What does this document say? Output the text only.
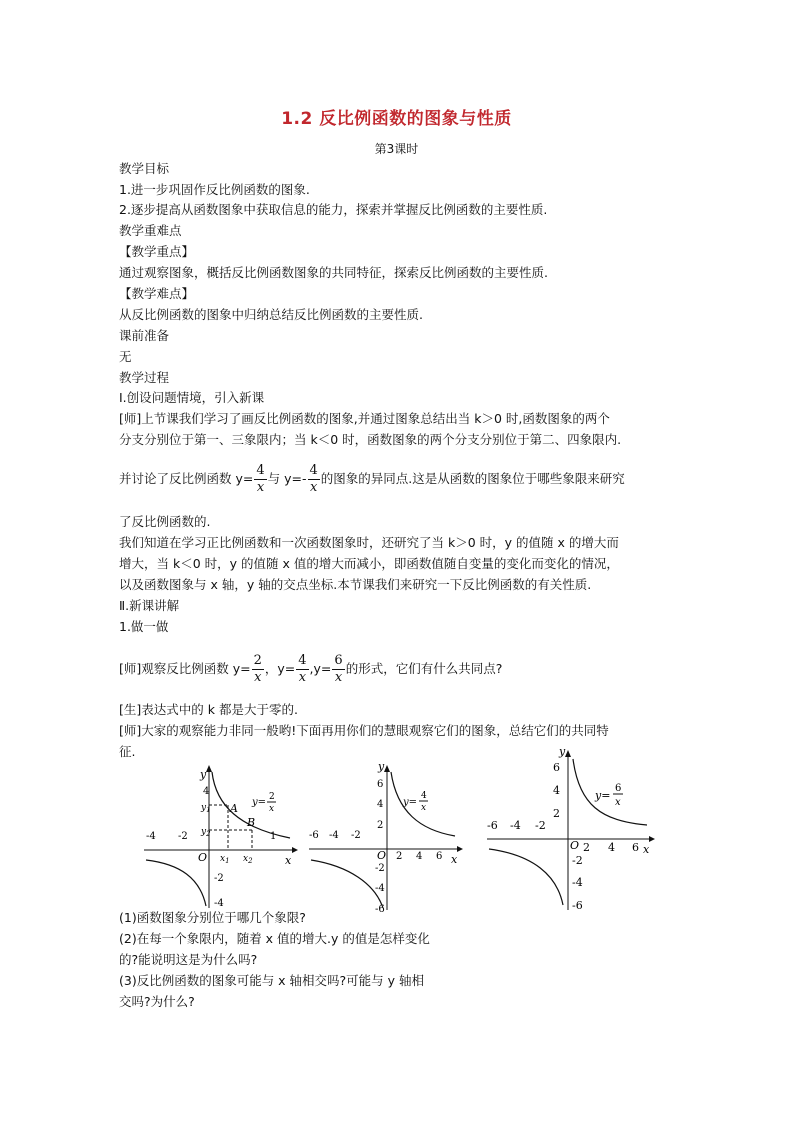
1.2 反比例函数的图象与性质
第3课时
教学目标
1.进一步巩固作反比例函数的图象.
2.逐步提高从函数图象中获取信息的能力，探索并掌握反比例函数的主要性质.
教学重难点
【教学重点】
通过观察图象，概括反比例函数图象的共同特征，探索反比例函数的主要性质.
【教学难点】
从反比例函数的图象中归纳总结反比例函数的主要性质.
课前准备
无
教学过程
Ⅰ.创设问题情境，引入新课
[师]上节课我们学习了画反比例函数的图象,并通过图象总结出当 k＞0 时,函数图象的两个
分支分别位于第一、三象限内；当 k＜0 时，函数图象的两个分支分别位于第二、四象限内.
并讨论了反比例函数 $y= \frac{4}{x}$ 与 $y=- \frac{4}{x}$ 的图象的异同点.这是从函数的图象位于哪些象限来研究
了反比例函数的.
我们知道在学习正比例函数和一次函数图象时，还研究了当 k＞0 时，y 的值随 x 的增大而
增大，当 k＜0 时，y 的值随 x 值的增大而减小，即函数值随自变量的变化而变化的情况，
以及函数图象与 x 轴，y 轴的交点坐标.本节课我们来研究一下反比例函数的有关性质.
Ⅱ.新课讲解
1.做一做
[师]观察反比例函数 $y= \frac{2}{x}$ ，$y= \frac{4}{x} ,y= \frac{6}{x}$ 的形式，它们有什么共同点?
[生]表达式中的 k 都是大于零的.
[师]大家的观察能力非同一般哟!下面再用你们的慧眼观察它们的图象，总结它们的共同特
征.
y
x
O
-4 -2	1
4
-2
-4
$y_1$
$y_2$
$x_1$ $x_2$
A
B
y= 2
x
y
x
O
-6 -4 -2
2 4 6
6
4
2
-2
-4
-6
y=
4
x
y
x
O
-6 -4 -2
2 4 6
6
4
2
-2
-4
-6
y=
6
x
(1)函数图象分别位于哪几个象限?
(2)在每一个象限内，随着 x 值的增大.y 的值是怎样变化
的?能说明这是为什么吗?
(3)反比例函数的图象可能与 x 轴相交吗?可能与 y 轴相
交吗?为什么?
